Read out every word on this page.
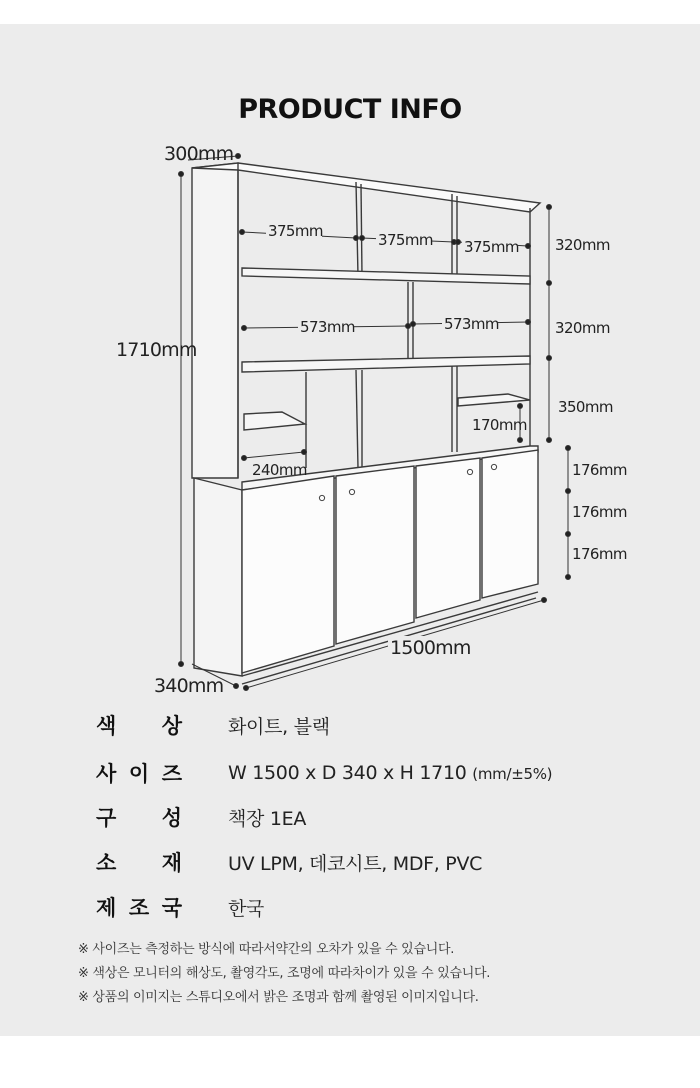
PRODUCT INFO
375mm	375mm 375mm
573mm	573mm
320mm
320mm
350mm
170mm
240mm	176mm
176mm
176mm
300mm
1710mm
340mm
1500mm
색 상 화이트, 블랙
사 이 즈 W 1500 x D 340 x H 1710 (mm/±5%)
구 성 책장 1EA
소 재 UV LPM, 데코시트, MDF, PVC
제 조 국 한국
※ 사이즈는 측정하는 방식에 따라서약간의 오차가 있을 수 있습니다.
※ 색상은 모니터의 해상도, 촬영각도, 조명에 따라차이가 있을 수 있습니다.
※ 상품의 이미지는 스튜디오에서 밝은 조명과 함께 촬영된 이미지입니다.
